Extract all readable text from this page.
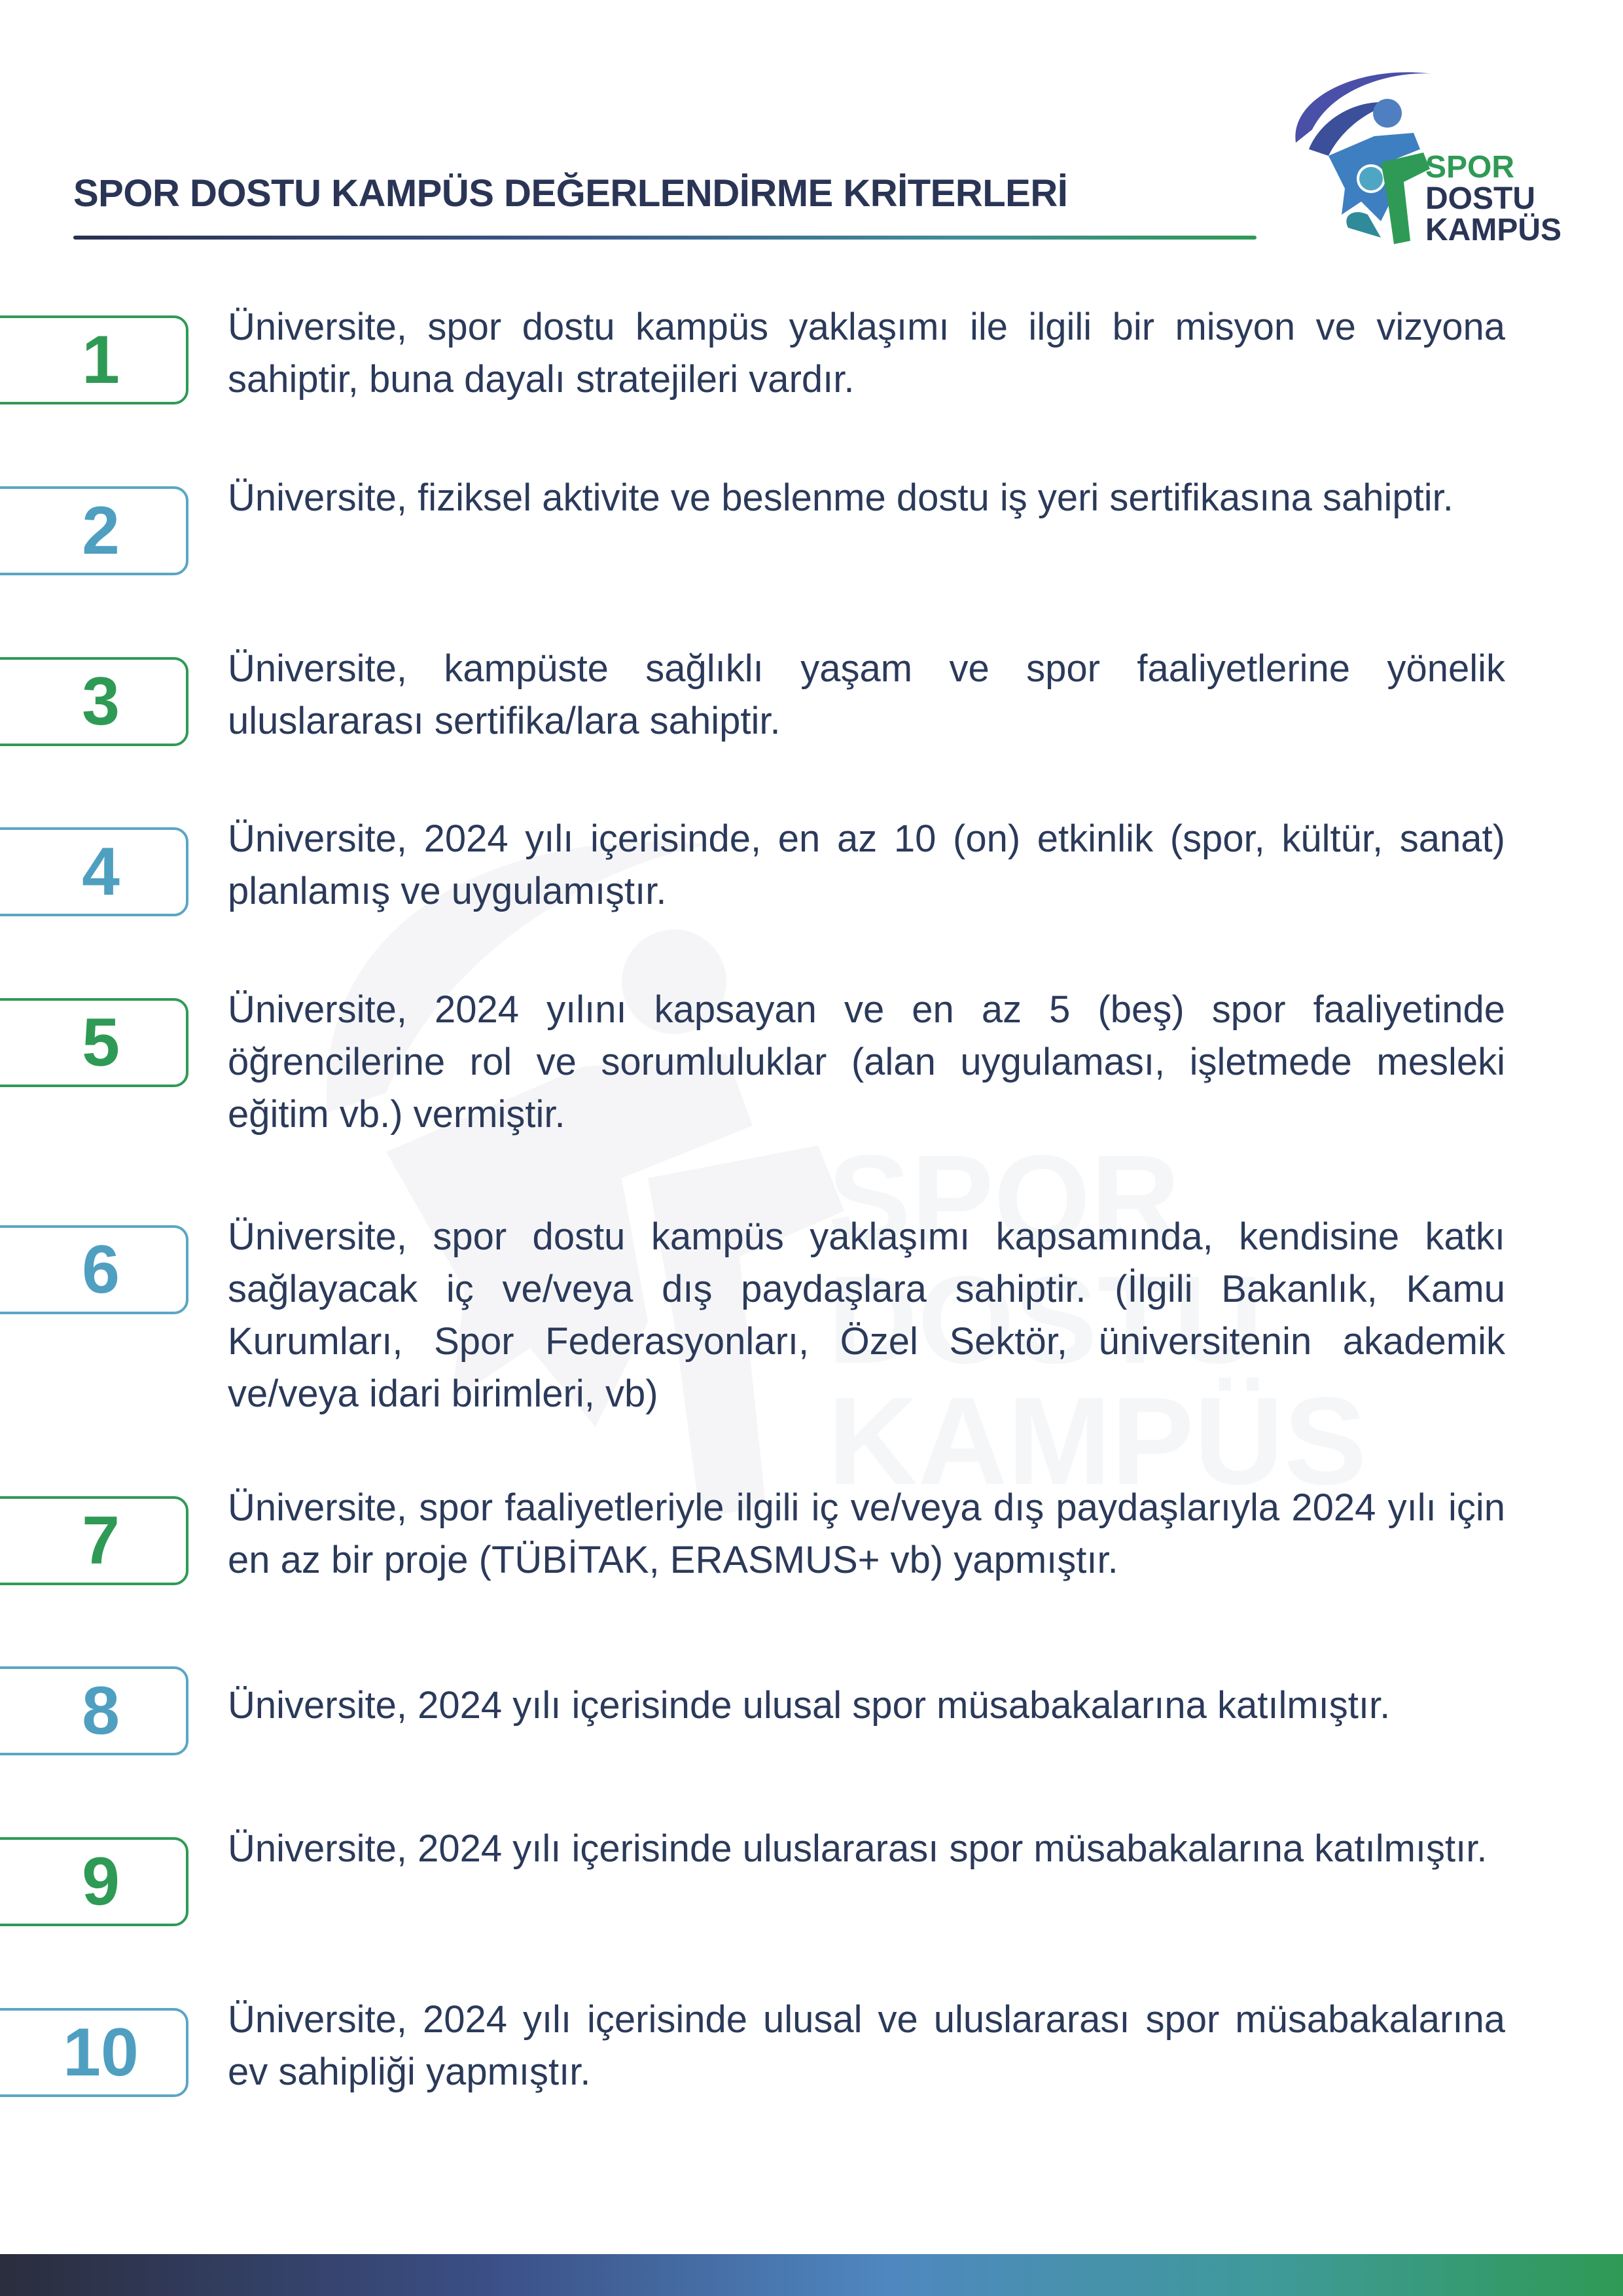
SPOR DOSTU KAMPÜS DEĞERLENDİRME KRİTERLERİ
SPOR
DOSTU
KAMPÜS

1	Üniversite, spor dostu kampüs yaklaşımı ile ilgili bir misyon ve vizyona sahiptir, buna dayalı stratejileri vardır.

2	Üniversite, fiziksel aktivite ve beslenme dostu iş yeri sertifikasına sahiptir.

3	Üniversite, kampüste sağlıklı yaşam ve spor faaliyetlerine yönelik uluslararası sertifika/lara sahiptir.

4	Üniversite, 2024 yılı içerisinde, en az 10 (on) etkinlik (spor, kültür, sanat) planlamış ve uygulamıştır.

5	Üniversite, 2024 yılını kapsayan ve en az 5 (beş) spor faaliyetinde öğrencilerine rol ve sorumluluklar (alan uygulaması, işletmede mesleki eğitim vb.) vermiştir.

6	Üniversite, spor dostu kampüs yaklaşımı kapsamında, kendisine katkı sağlayacak iç ve/veya dış paydaşlara sahiptir. (İlgili Bakanlık, Kamu Kurumları, Spor Federasyonları, Özel Sektör, üniversitenin akademik ve/veya idari birimleri, vb)

7	Üniversite, spor faaliyetleriyle ilgili iç ve/veya dış paydaşlarıyla 2024 yılı için en az bir proje (TÜBİTAK, ERASMUS+ vb) yapmıştır.

8	Üniversite, 2024 yılı içerisinde ulusal spor müsabakalarına katılmıştır.

9	Üniversite, 2024 yılı içerisinde uluslararası spor müsabakalarına katılmıştır.

10 Üniversite, 2024 yılı içerisinde ulusal ve uluslararası spor müsabakalarına ev sahipliği yapmıştır.
